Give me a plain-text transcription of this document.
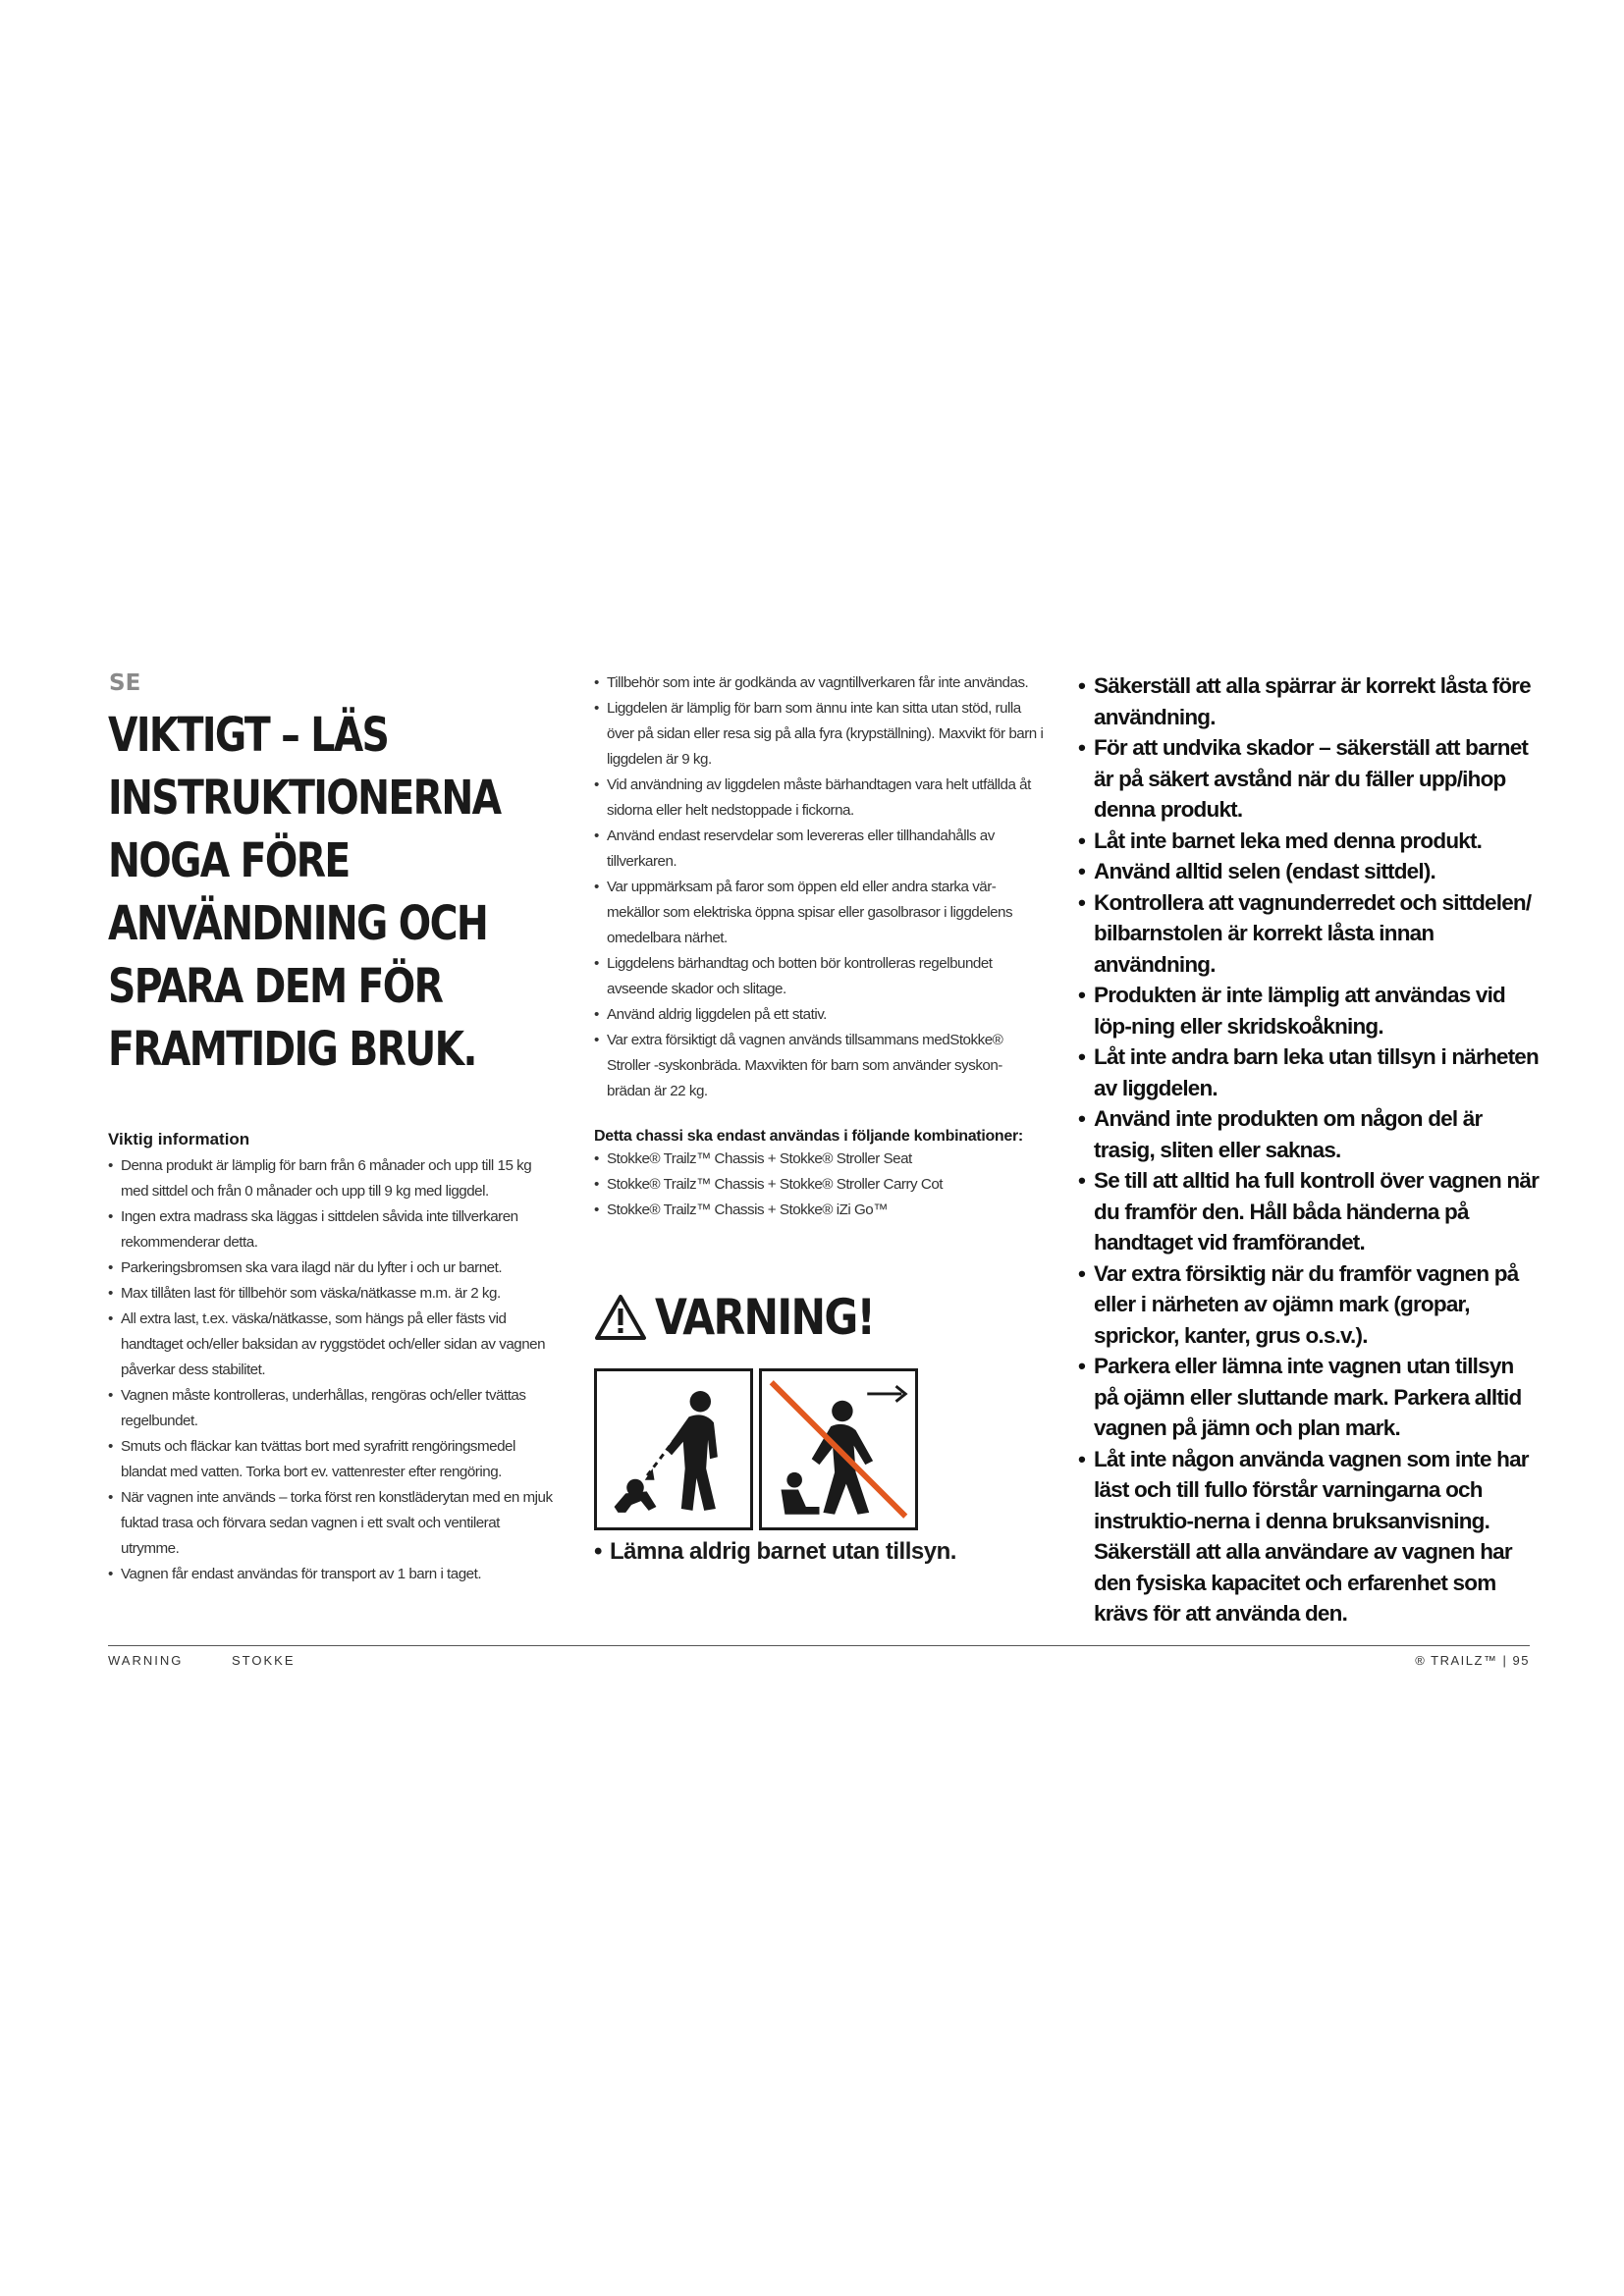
SE
VIKTIGT – LÄS
INSTRUKTIONERNA
NOGA FÖRE
ANVÄNDNING OCH
SPARA DEM FÖR
FRAMTIDIG BRUK.
Viktig information
• Denna produkt är lämplig för barn från 6 månader och upp till 15 kg med sittdel och från 0 månader och upp till 9 kg med liggdel.
• Ingen extra madrass ska läggas i sittdelen såvida inte tillverkaren rekommenderar detta.
• Parkeringsbromsen ska vara ilagd när du lyfter i och ur barnet.
• Max tillåten last för tillbehör som väska/nätkasse m.m. är 2 kg.
• All extra last, t.ex. väska/nätkasse, som hängs på eller fästs vid handtaget och/eller baksidan av ryggstödet och/eller sidan av vagnen påverkar dess stabilitet.
• Vagnen måste kontrolleras, underhållas, rengöras och/eller tvättas regelbundet.
• Smuts och fläckar kan tvättas bort med syrafritt rengöringsmedel blandat med vatten. Torka bort ev. vattenrester efter rengöring.
• När vagnen inte används – torka först ren konstläderytan med en mjuk fuktad trasa och förvara sedan vagnen i ett svalt och ventilerat utrymme.
• Vagnen får endast användas för transport av 1 barn i taget.
• Tillbehör som inte är godkända av vagntillverkaren får inte användas.
• Liggdelen är lämplig för barn som ännu inte kan sitta utan stöd, rulla över på sidan eller resa sig på alla fyra (krypställning). Maxvikt för barn i liggdelen är 9 kg.
• Vid användning av liggdelen måste bärhandtagen vara helt utfällda åt sidorna eller helt nedstoppade i fickorna.
• Använd endast reservdelar som levereras eller tillhandahålls av tillverkaren.
• Var uppmärksam på faror som öppen eld eller andra starka vär-mekällor som elektriska öppna spisar eller gasolbrasor i liggdelens omedelbara närhet.
• Liggdelens bärhandtag och botten bör kontrolleras regelbundet avseende skador och slitage.
• Använd aldrig liggdelen på ett stativ.
• Var extra försiktigt då vagnen används tillsammans medStokke® Stroller -syskonbräda. Maxvikten för barn som använder syskon-brädan är 22 kg.
Detta chassi ska endast användas i följande kombinationer:
• Stokke® Trailz™ Chassis + Stokke® Stroller Seat
• Stokke® Trailz™ Chassis + Stokke® Stroller Carry Cot
• Stokke® Trailz™ Chassis + Stokke® iZi Go™
VARNING!
• Lämna aldrig barnet utan tillsyn.
• Säkerställ att alla spärrar är korrekt låsta före användning.
• För att undvika skador – säkerställ att barnet är på säkert avstånd när du fäller upp/ihop denna produkt.
• Låt inte barnet leka med denna produkt.
• Använd alltid selen (endast sittdel).
• Kontrollera att vagnunderredet och sittdelen/ bilbarnstolen är korrekt låsta innan användning.
• Produkten är inte lämplig att användas vid löp-ning eller skridskoåkning.
• Låt inte andra barn leka utan tillsyn i närheten av liggdelen.
• Använd inte produkten om någon del är trasig, sliten eller saknas.
• Se till att alltid ha full kontroll över vagnen när du framför den. Håll båda händerna på handtaget vid framförandet.
• Var extra försiktig när du framför vagnen på eller i närheten av ojämn mark (gropar, sprickor, kanter, grus o.s.v.).
• Parkera eller lämna inte vagnen utan tillsyn på ojämn eller sluttande mark. Parkera alltid vagnen på jämn och plan mark.
• Låt inte någon använda vagnen som inte har läst och till fullo förstår varningarna och instruktio-nerna i denna bruksanvisning. Säkerställ att alla användare av vagnen har den fysiska kapacitet och erfarenhet som krävs för att använda den.
WARNING	STOKKE	® TRAILZ™ | 95
